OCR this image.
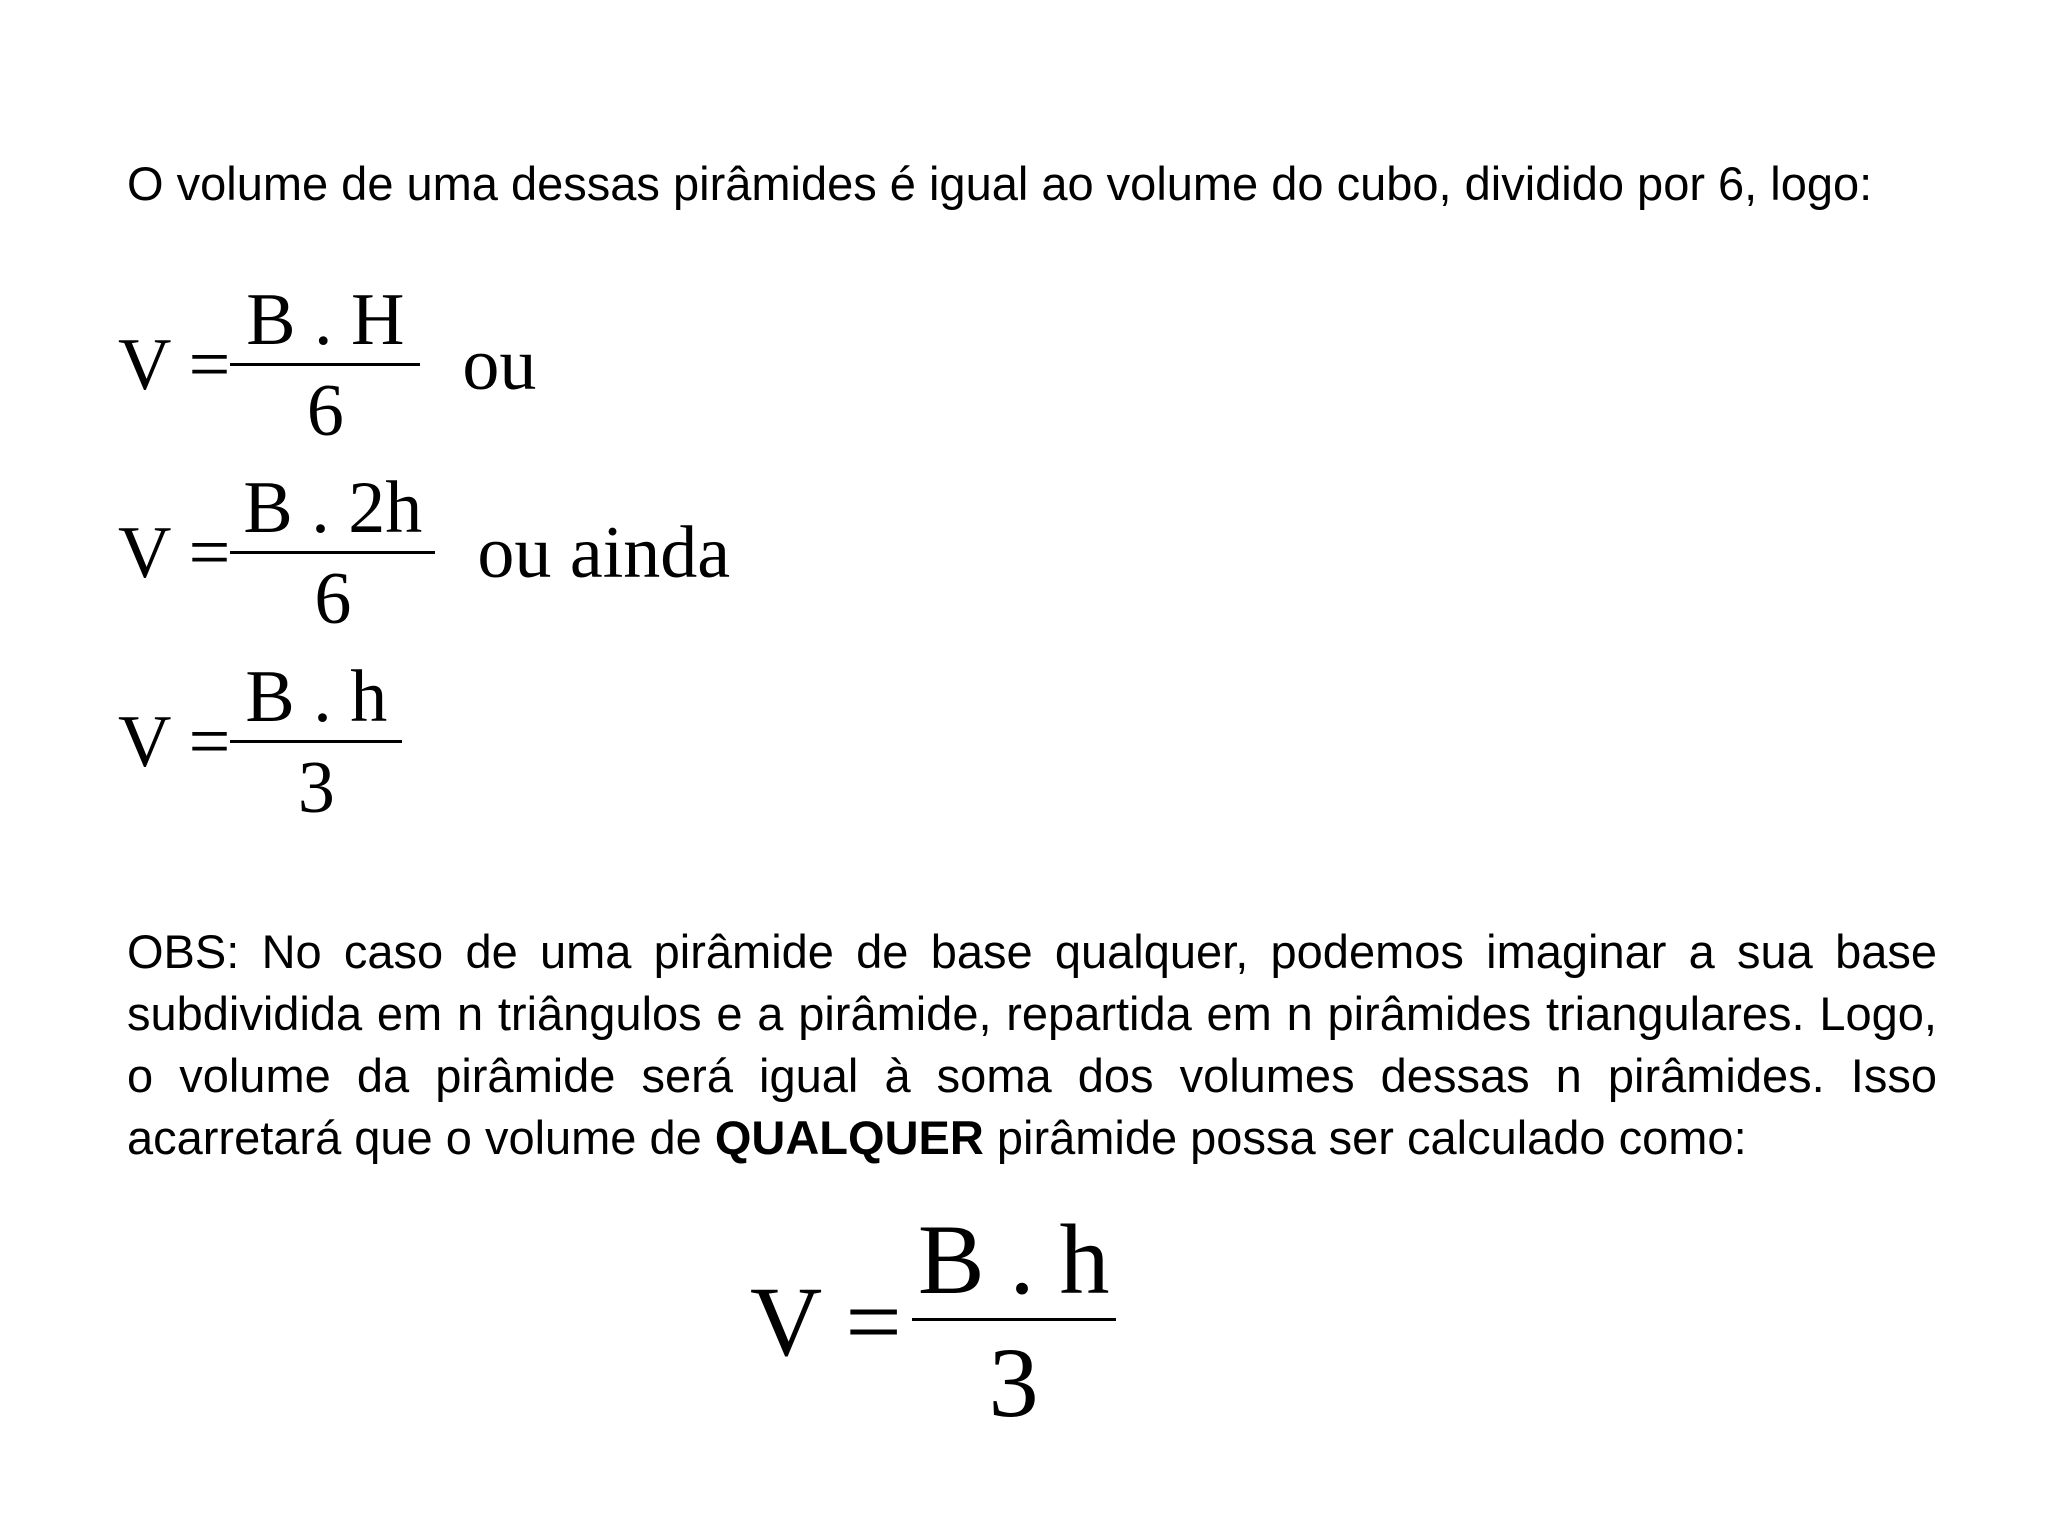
O volume de uma dessas pirâmides é igual ao volume do cubo, dividido por 6, logo:

$V = \frac{B . H}{6}$ ou
$V = \frac{B . 2h}{6}$ ou ainda
$V = \frac{B . h}{3}$

OBS: No caso de uma pirâmide de base qualquer, podemos imaginar a sua base subdividida em n triângulos e a pirâmide, repartida em n pirâmides triangulares. Logo, o volume da pirâmide será igual à soma dos volumes dessas n pirâmides. Isso acarretará que o volume de QUALQUER pirâmide possa ser calculado como:

$V = \frac{B . h}{3}$
